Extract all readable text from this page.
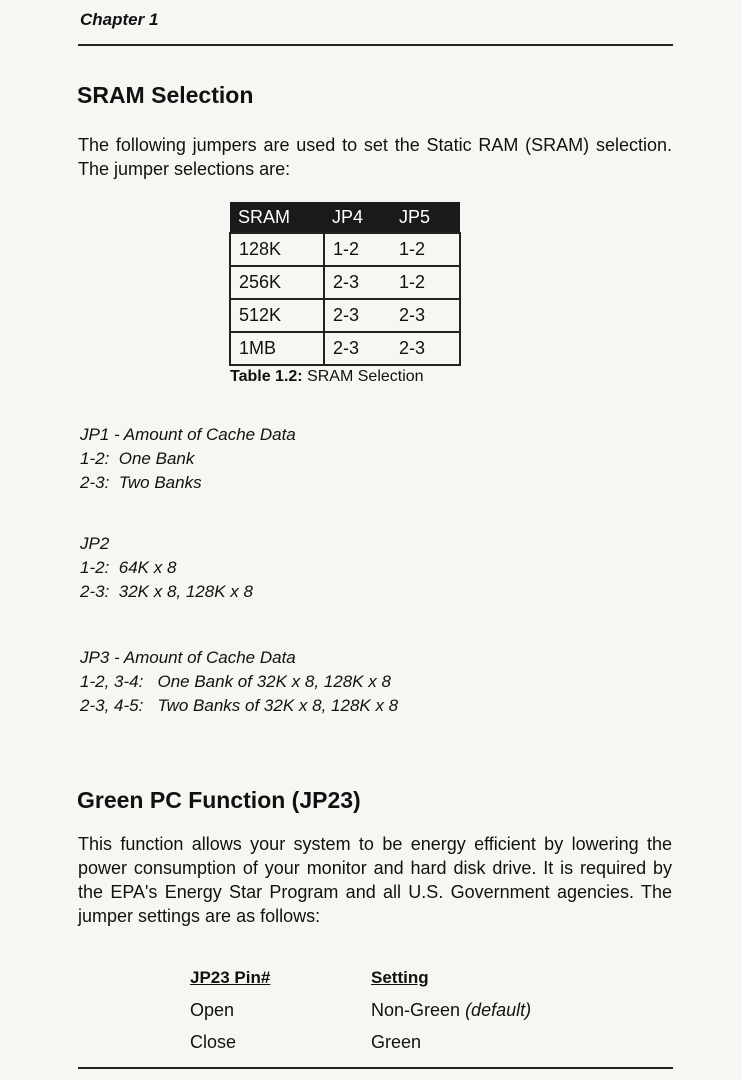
Chapter 1
SRAM Selection

The following jumpers are used to set the Static RAM (SRAM) selection. The jumper selections are:

SRAM	JP4	JP5
128K	1-2	1-2
256K	2-3	1-2
512K	2-3	2-3
1MB	2-3	2-3
Table 1.2: SRAM Selection
JP1 - Amount of Cache Data
1-2: One Bank
2-3: Two Banks
JP2
1-2: 64K x 8
2-3: 32K x 8, 128K x 8
JP3 - Amount of Cache Data
1-2, 3-4: One Bank of 32K x 8, 128K x 8
2-3, 4-5: Two Banks of 32K x 8, 128K x 8
Green PC Function (JP23)

This function allows your system to be energy efficient by lowering the power consumption of your monitor and hard disk drive. It is required by the EPA's Energy Star Program and all U.S. Government agencies. The jumper settings are as follows:

JP23 Pin#	Setting
Open	Non-Green (default)
Close	Green
